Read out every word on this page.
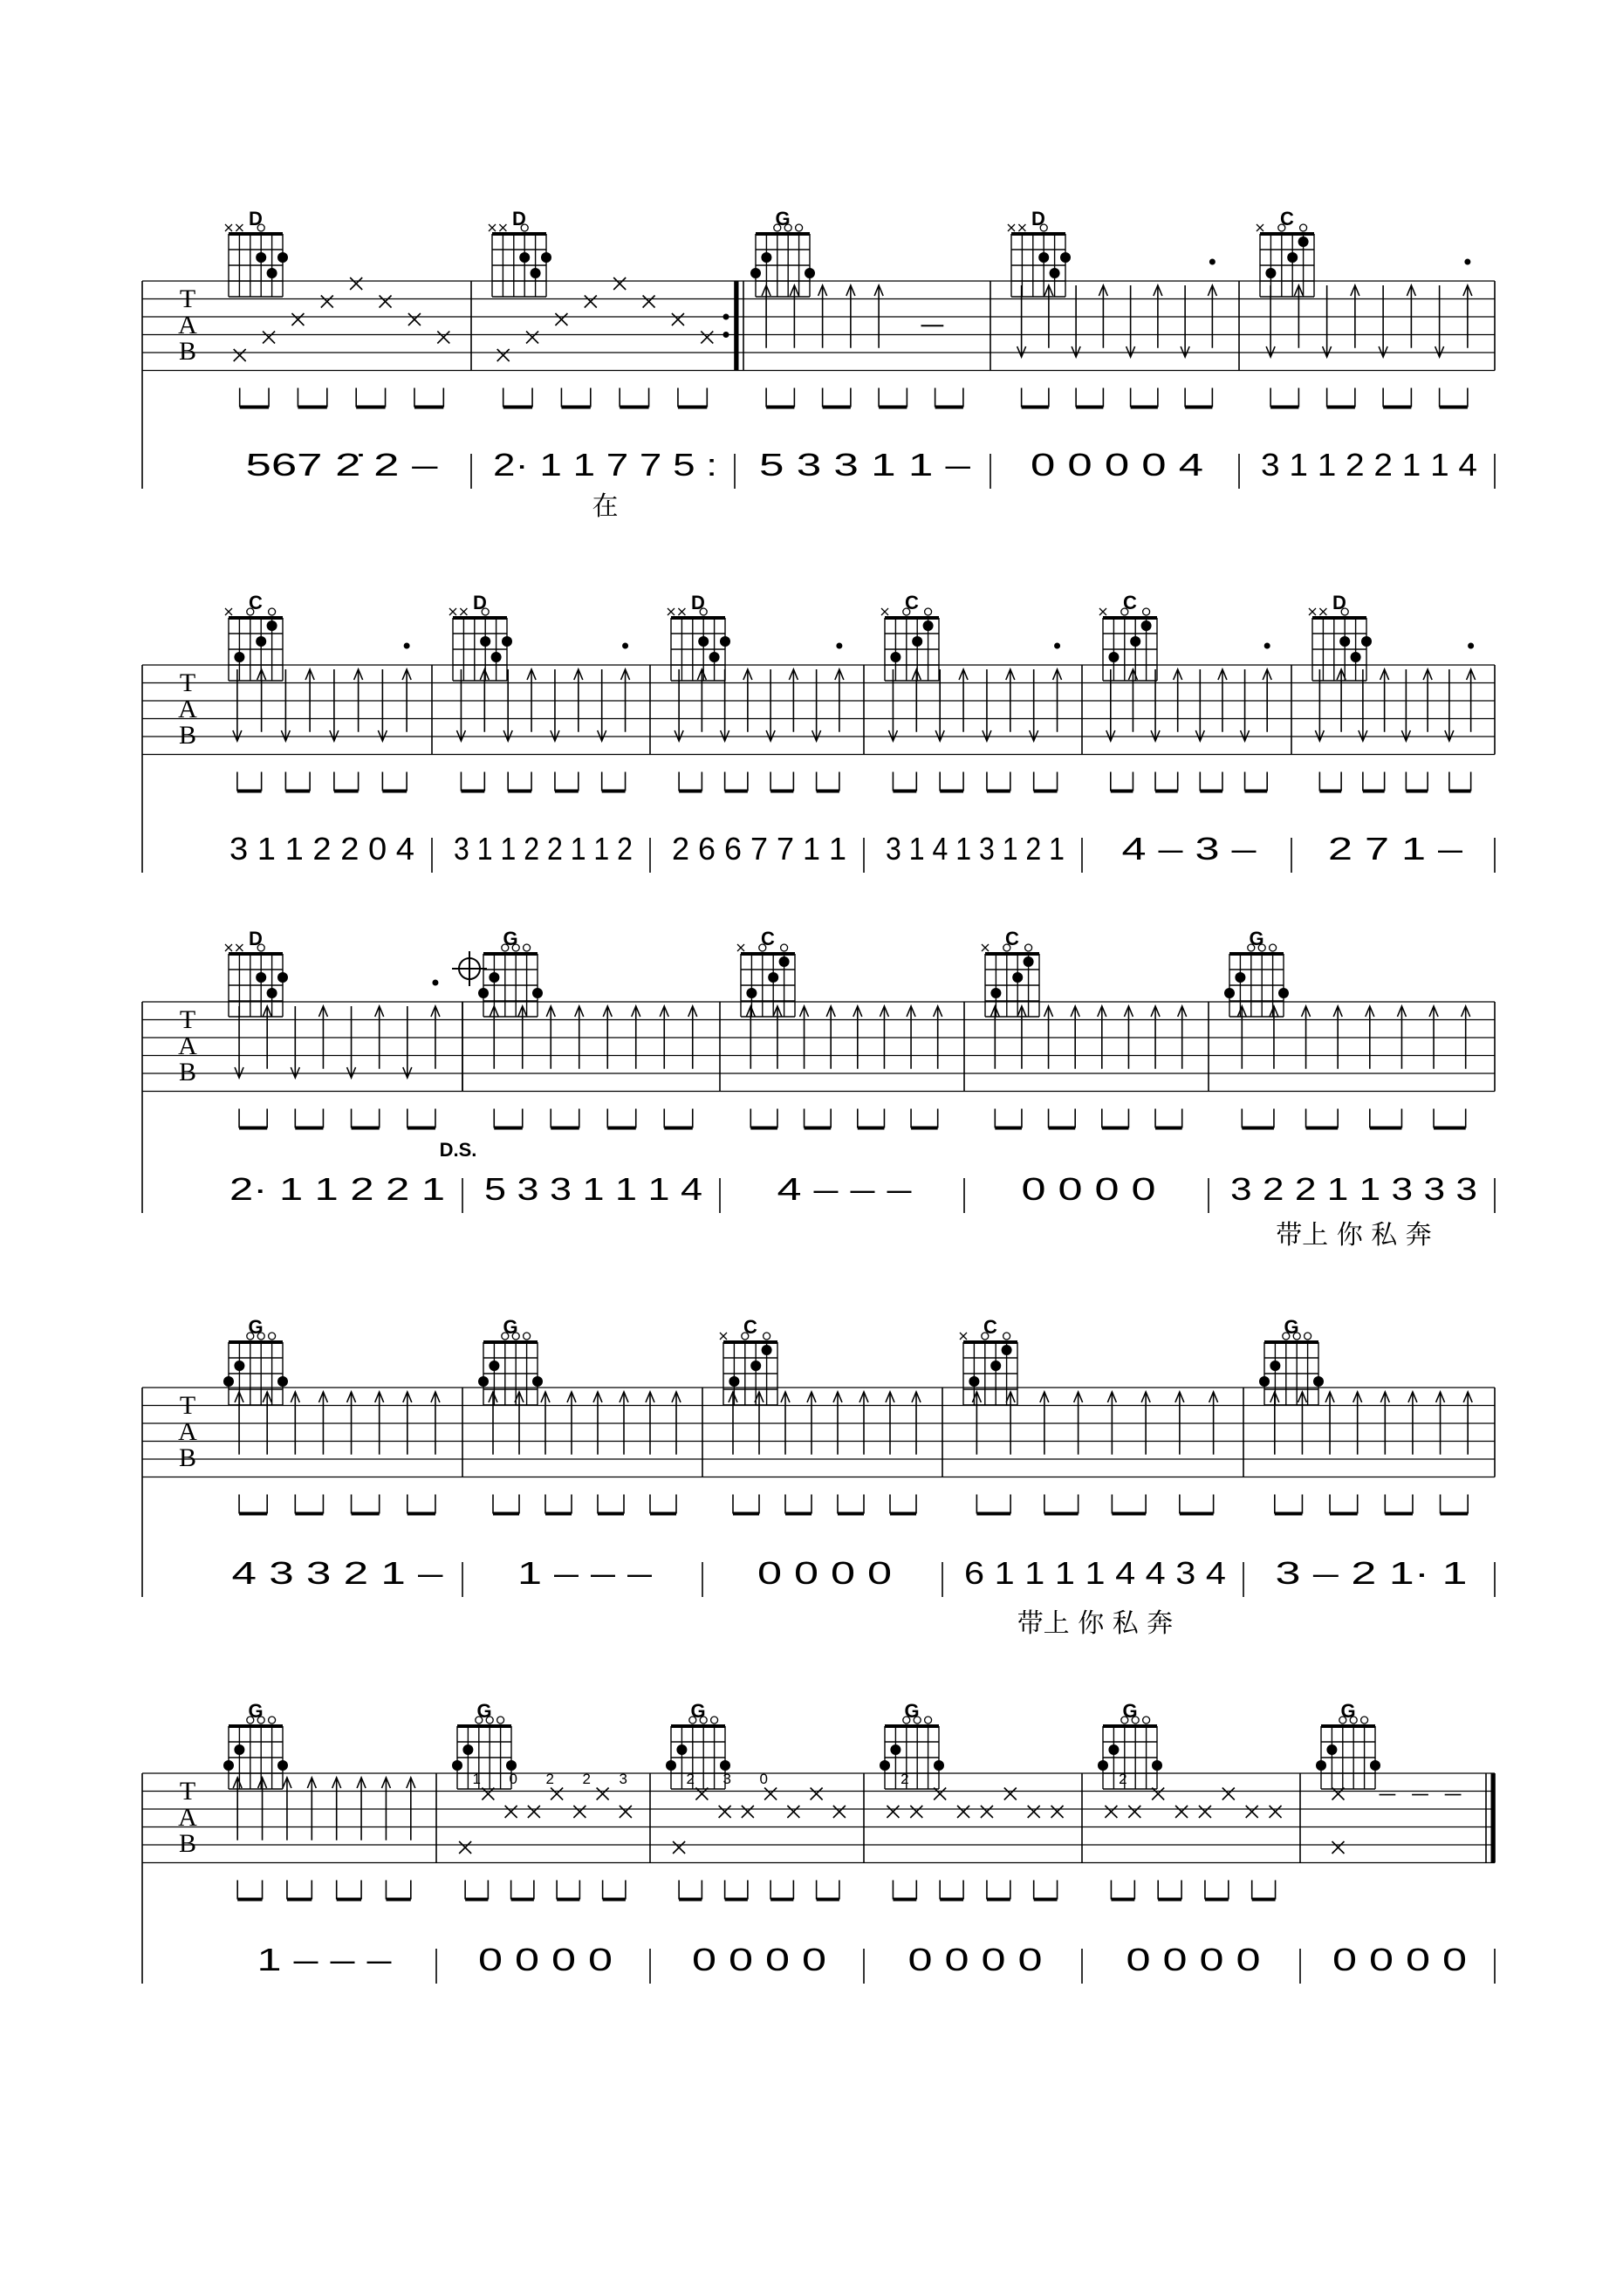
T
A
B
567 2̇ 2 – 2· 1 1 7 7 5 : 5 3 3 1 1 – 0 0 0 0 4 3 1 1 2 2 1 1 4
D	D	G	D	C
在
T
A
B
3 1 1 2 2 0 4 3 1 1 2 2 1 1 2 2 6 6 7 7 1 1 3 1 4 1 3 1 2 1 4 – 3 – 2 7 1 –
C	D	D	C	C	D
T
A
B
2· 1 1 2 2 1 5 3 3 1 1 1 4 4 – – –	0 0 0 0 3 2 2 1 1 3 3 3
D	G	C	C	G
带上 你 私 奔
D.S.
T
A
B
4 3 3 2 1 – 1 – – –	0 0 0 0 6 1 1 1 1 4 4 3 4 3 – 2 1· 1
G	G	C	C	G
带上 你 私 奔
T
A
B
1 – – –
1 0 2 2 3
0 0 0 0
2 3 0
0 0 0 0
2
0 0 0 0
2
0 0 0 0 0 0 0 0
G	G	G	G	G	G
